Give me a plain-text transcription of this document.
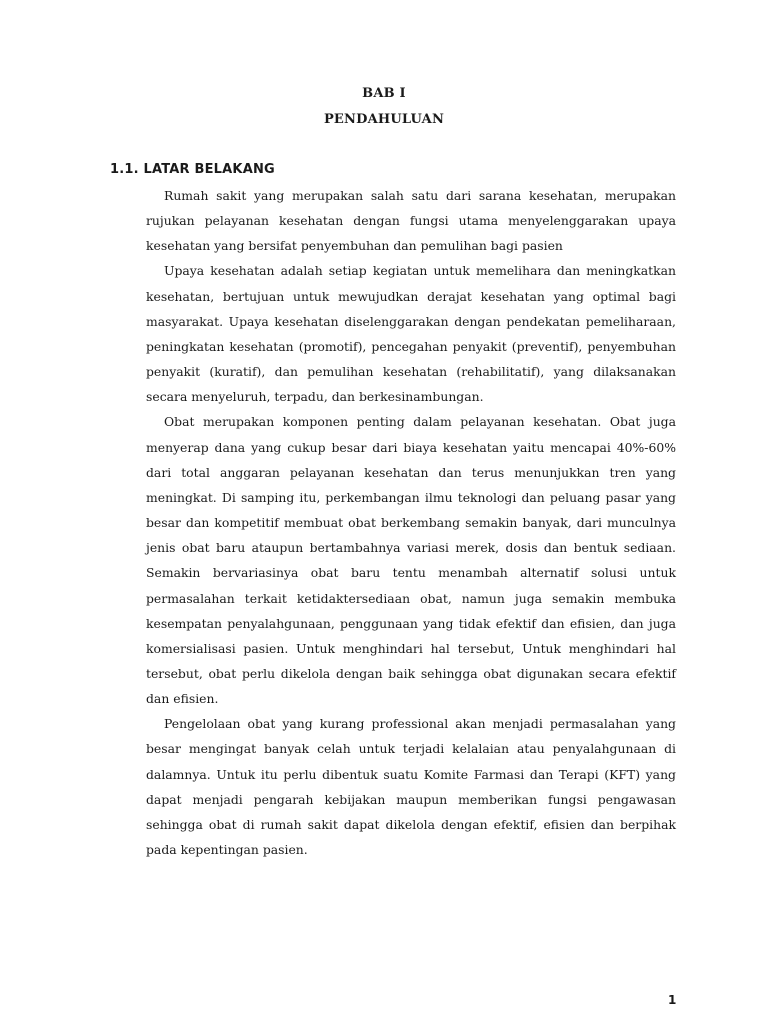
BAB I
PENDAHULUAN
1.1. LATAR BELAKANG

Rumah sakit yang merupakan salah satu dari sarana kesehatan, merupakan rujukan pelayanan kesehatan dengan fungsi utama menyelenggarakan upaya kesehatan yang bersifat penyembuhan dan pemulihan bagi pasien

Upaya kesehatan adalah setiap kegiatan untuk memelihara dan meningkatkan kesehatan, bertujuan untuk mewujudkan derajat kesehatan yang optimal bagi masyarakat. Upaya kesehatan diselenggarakan dengan pendekatan pemeliharaan, peningkatan kesehatan (promotif), pencegahan penyakit (preventif), penyembuhan penyakit (kuratif), dan pemulihan kesehatan (rehabilitatif), yang dilaksanakan secara menyeluruh, terpadu, dan berkesinambungan.

Obat merupakan komponen penting dalam pelayanan kesehatan. Obat juga menyerap dana yang cukup besar dari biaya kesehatan yaitu mencapai 40%-60% dari total anggaran pelayanan kesehatan dan terus menunjukkan tren yang meningkat. Di samping itu, perkembangan ilmu teknologi dan peluang pasar yang besar dan kompetitif membuat obat berkembang semakin banyak, dari munculnya jenis obat baru ataupun bertambahnya variasi merek, dosis dan bentuk sediaan. Semakin bervariasinya obat baru tentu menambah alternatif solusi untuk permasalahan terkait ketidaktersediaan obat, namun juga semakin membuka kesempatan penyalahgunaan, penggunaan yang tidak efektif dan efisien, dan juga komersialisasi pasien. Untuk menghindari hal tersebut, Untuk menghindari hal tersebut, obat perlu dikelola dengan baik sehingga obat digunakan secara efektif dan efisien.

Pengelolaan obat yang kurang professional akan menjadi permasalahan yang besar mengingat banyak celah untuk terjadi kelalaian atau penyalahgunaan di dalamnya. Untuk itu perlu dibentuk suatu Komite Farmasi dan Terapi (KFT) yang dapat menjadi pengarah kebijakan maupun memberikan fungsi pengawasan sehingga obat di rumah sakit dapat dikelola dengan efektif, efisien dan berpihak pada kepentingan pasien.

1
